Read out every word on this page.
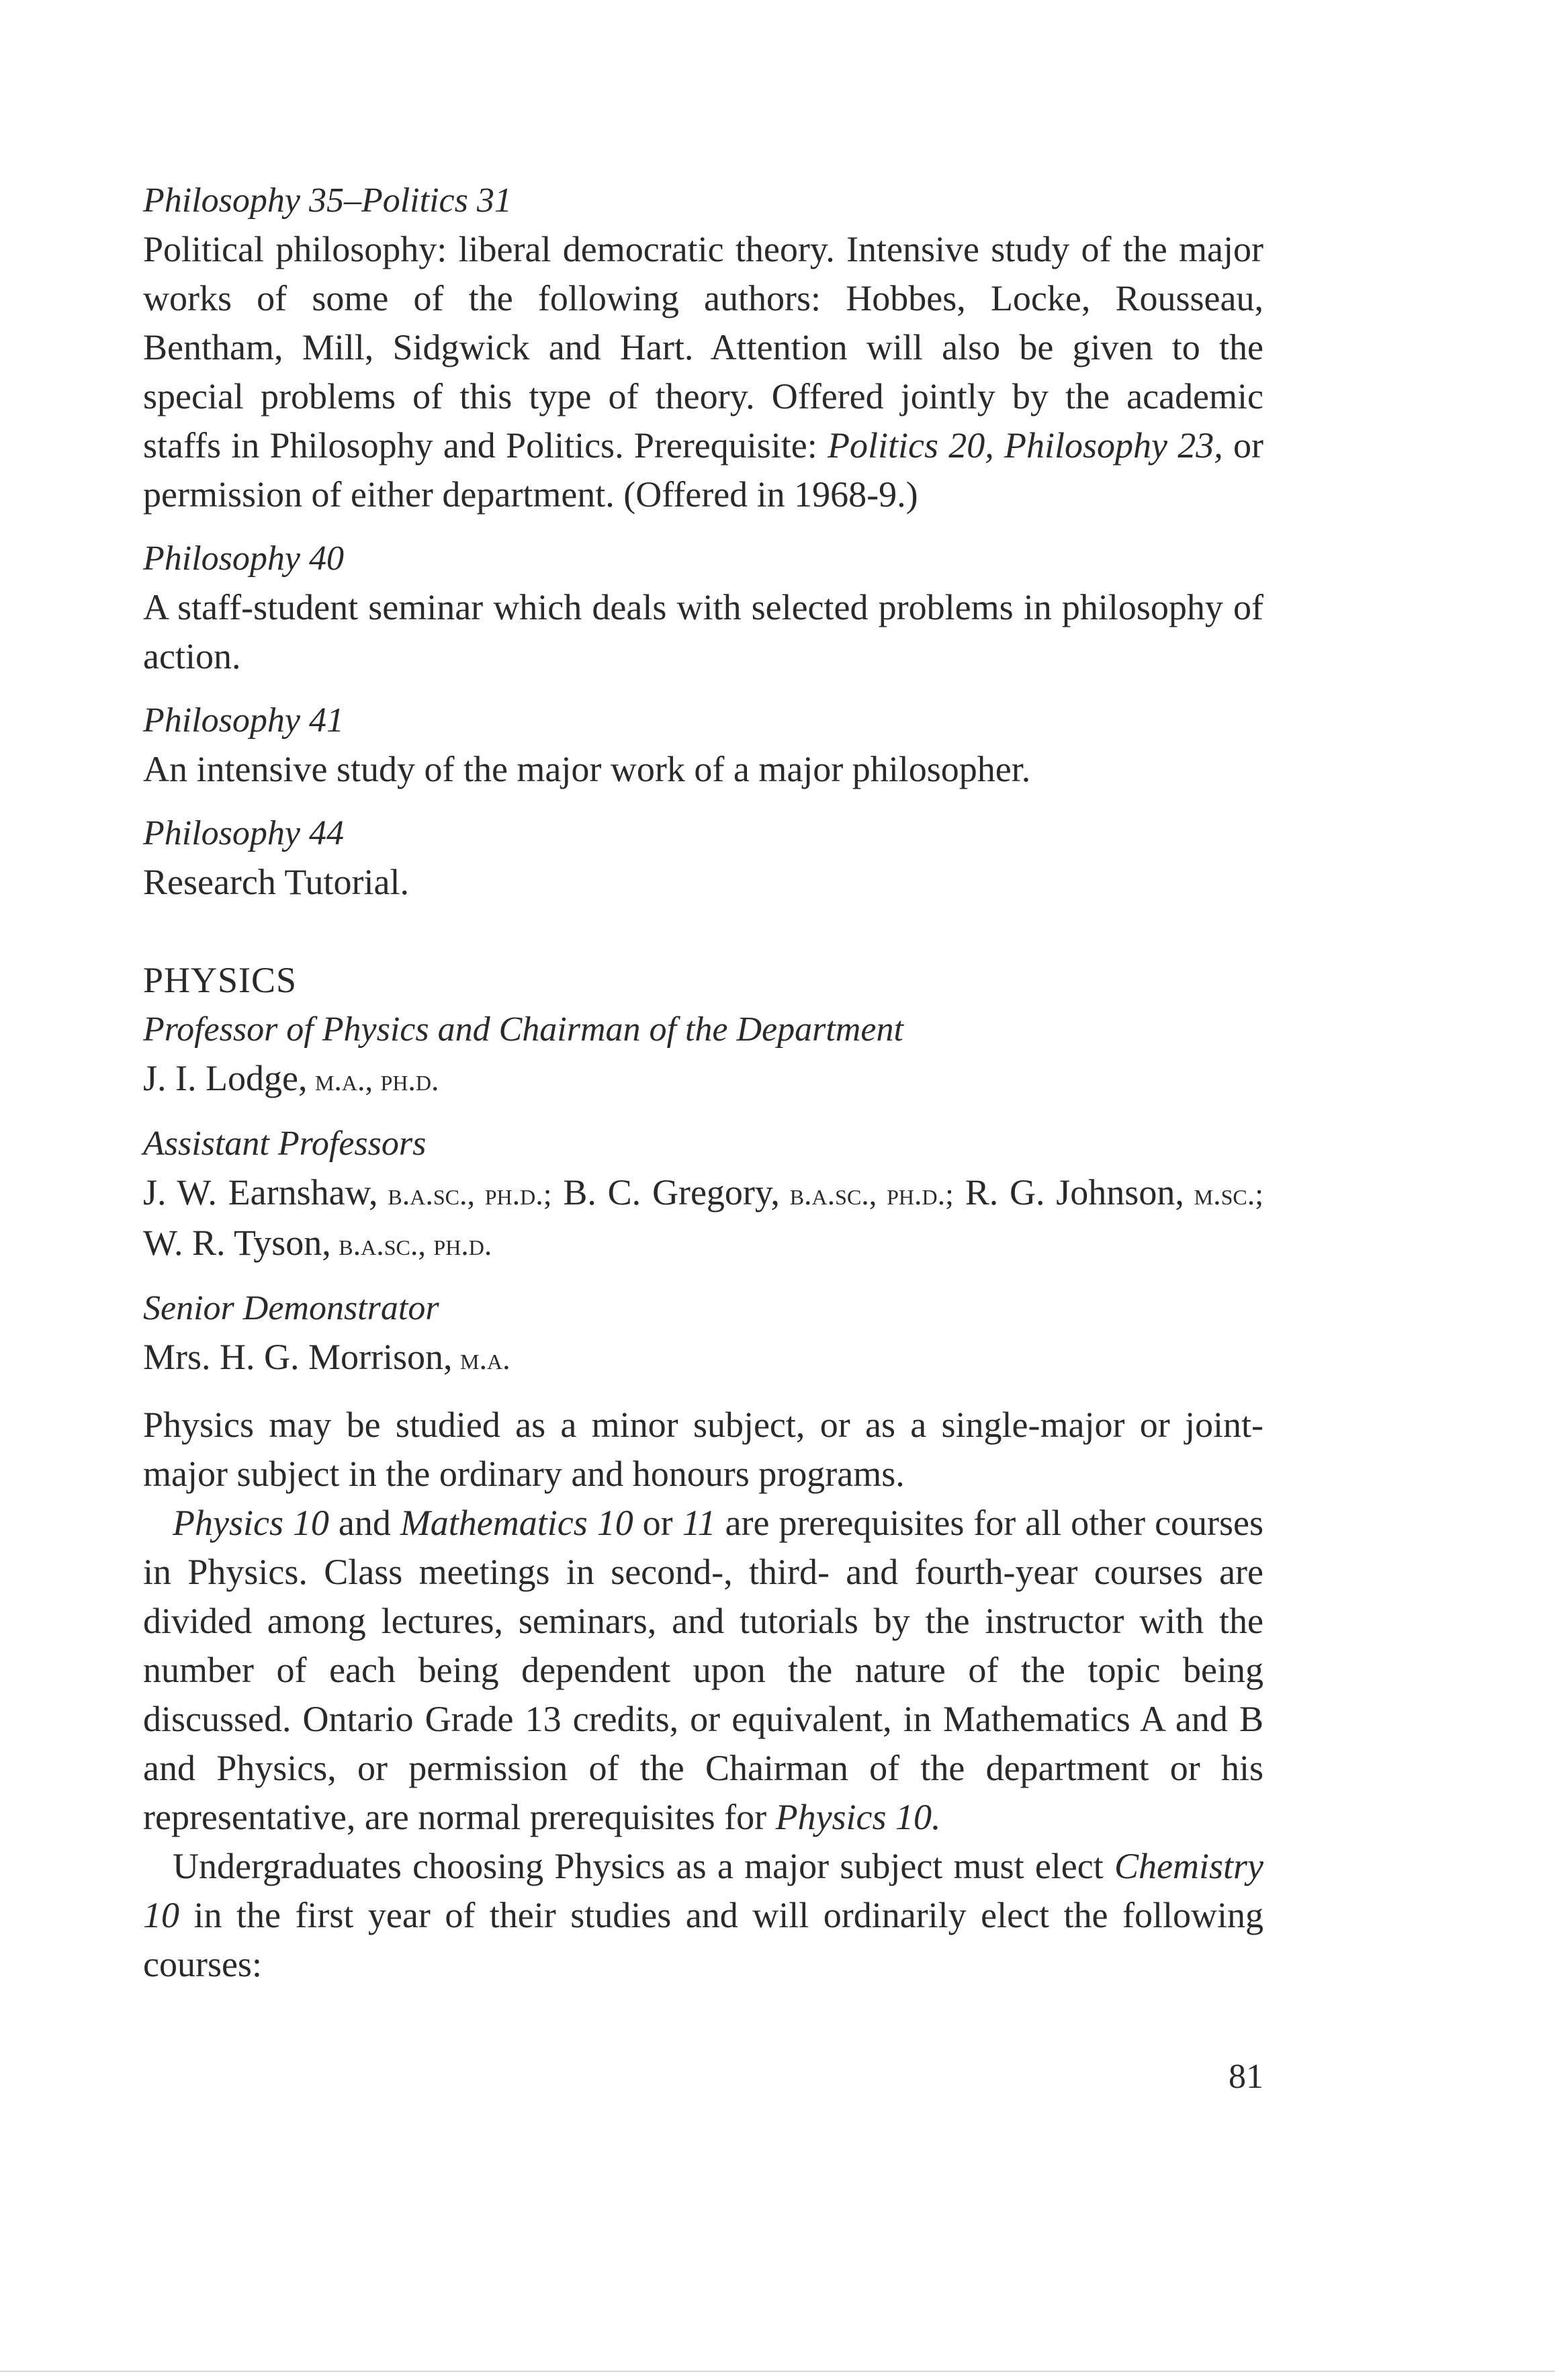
Philosophy 35–Politics 31

Political philosophy: liberal democratic theory. Intensive study of the major works of some of the following authors: Hobbes, Locke, Rousseau, Bentham, Mill, Sidgwick and Hart. Attention will also be given to the special problems of this type of theory. Offered jointly by the academic staffs in Philosophy and Politics. Prerequisite: Politics 20, Philosophy 23, or permission of either department. (Offered in 1968-9.)

Philosophy 40

A staff-student seminar which deals with selected problems in philosophy of action.

Philosophy 41

An intensive study of the major work of a major philosopher.

Philosophy 44

Research Tutorial.

PHYSICS

Professor of Physics and Chairman of the Department

J. I. Lodge, m.a., ph.d.

Assistant Professors

J. W. Earnshaw, b.a.sc., ph.d.; B. C. Gregory, b.a.sc., ph.d.; R. G. Johnson, m.sc.; W. R. Tyson, b.a.sc., ph.d.

Senior Demonstrator

Mrs. H. G. Morrison, m.a.

Physics may be studied as a minor subject, or as a single-major or joint-major subject in the ordinary and honours programs.

Physics 10 and Mathematics 10 or 11 are prerequisites for all other courses in Physics. Class meetings in second-, third- and fourth-year courses are divided among lectures, seminars, and tutorials by the instructor with the number of each being dependent upon the nature of the topic being discussed. Ontario Grade 13 credits, or equivalent, in Mathematics A and B and Physics, or permission of the Chairman of the department or his representative, are normal prerequisites for Physics 10.

Undergraduates choosing Physics as a major subject must elect Chemistry 10 in the first year of their studies and will ordinarily elect the following courses:

81
